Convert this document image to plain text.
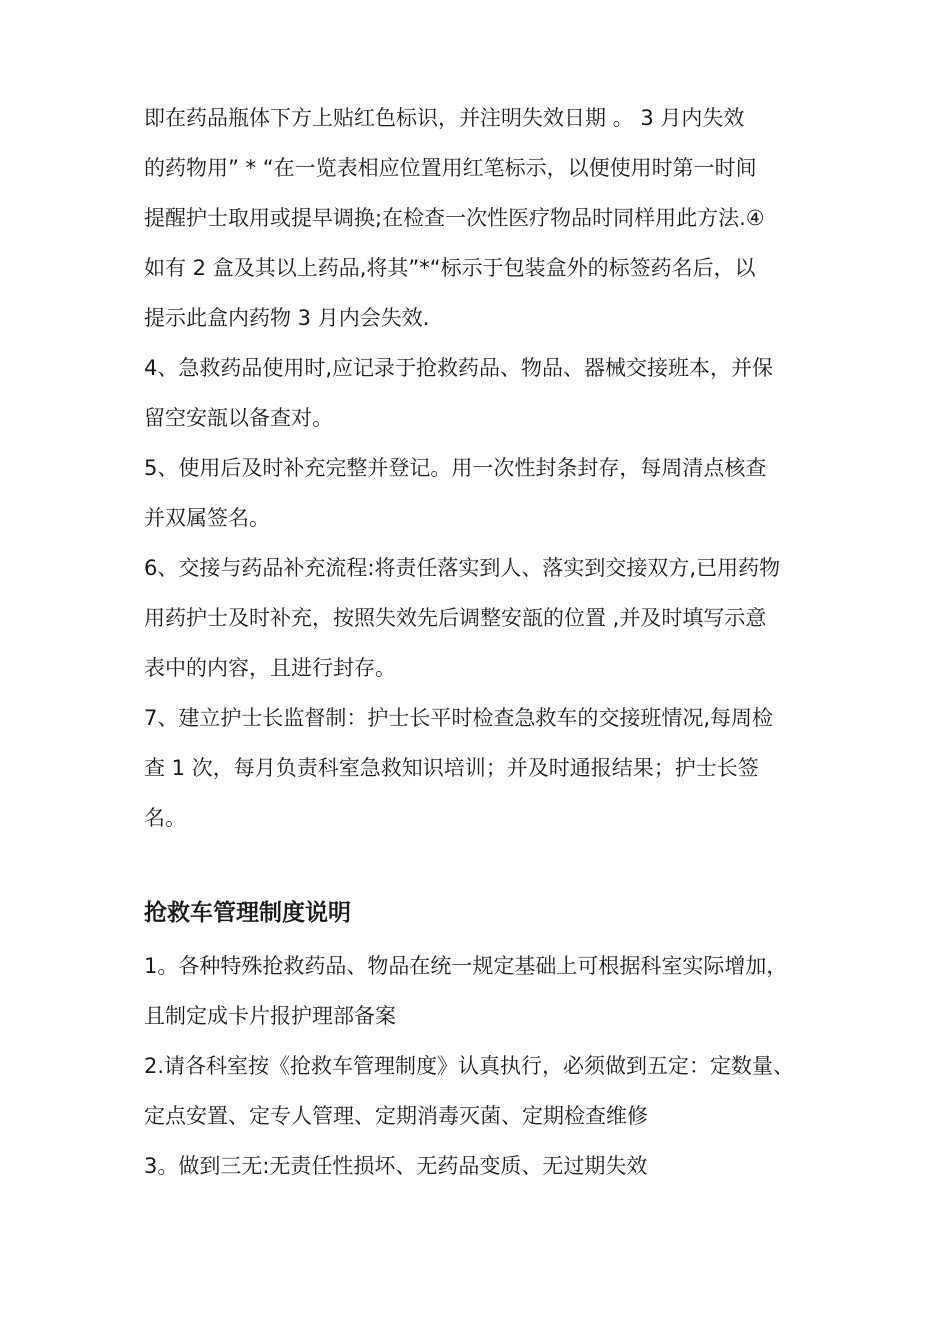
即在药品瓶体下方上贴红色标识，并注明失效日期 。 3 月内失效
的药物用” * “在一览表相应位置用红笔标示，以便使用时第一时间
提醒护士取用或提早调换;在检查一次性医疗物品时同样用此方法.④
如有 2 盒及其以上药品,将其”*“标示于包装盒外的标签药名后，以
提示此盒内药物 3 月内会失效.
4、急救药品使用时,应记录于抢救药品、物品、器械交接班本，并保
留空安瓿以备查对。
5、使用后及时补充完整并登记。用一次性封条封存，每周清点核查
并双属签名。
6、交接与药品补充流程:将责任落实到人、落实到交接双方,已用药物
用药护士及时补充，按照失效先后调整安瓿的位置 ,并及时填写示意
表中的内容，且进行封存。
7、建立护士长监督制：护士长平时检查急救车的交接班情况,每周检
查 1 次，每月负责科室急救知识培训；并及时通报结果；护士长签
名。
抢救车管理制度说明
1。各种特殊抢救药品、物品在统一规定基础上可根据科室实际增加，
且制定成卡片报护理部备案
2.请各科室按《抢救车管理制度》认真执行，必须做到五定：定数量、
定点安置、定专人管理、定期消毒灭菌、定期检查维修
3。做到三无:无责任性损坏、无药品变质、无过期失效
